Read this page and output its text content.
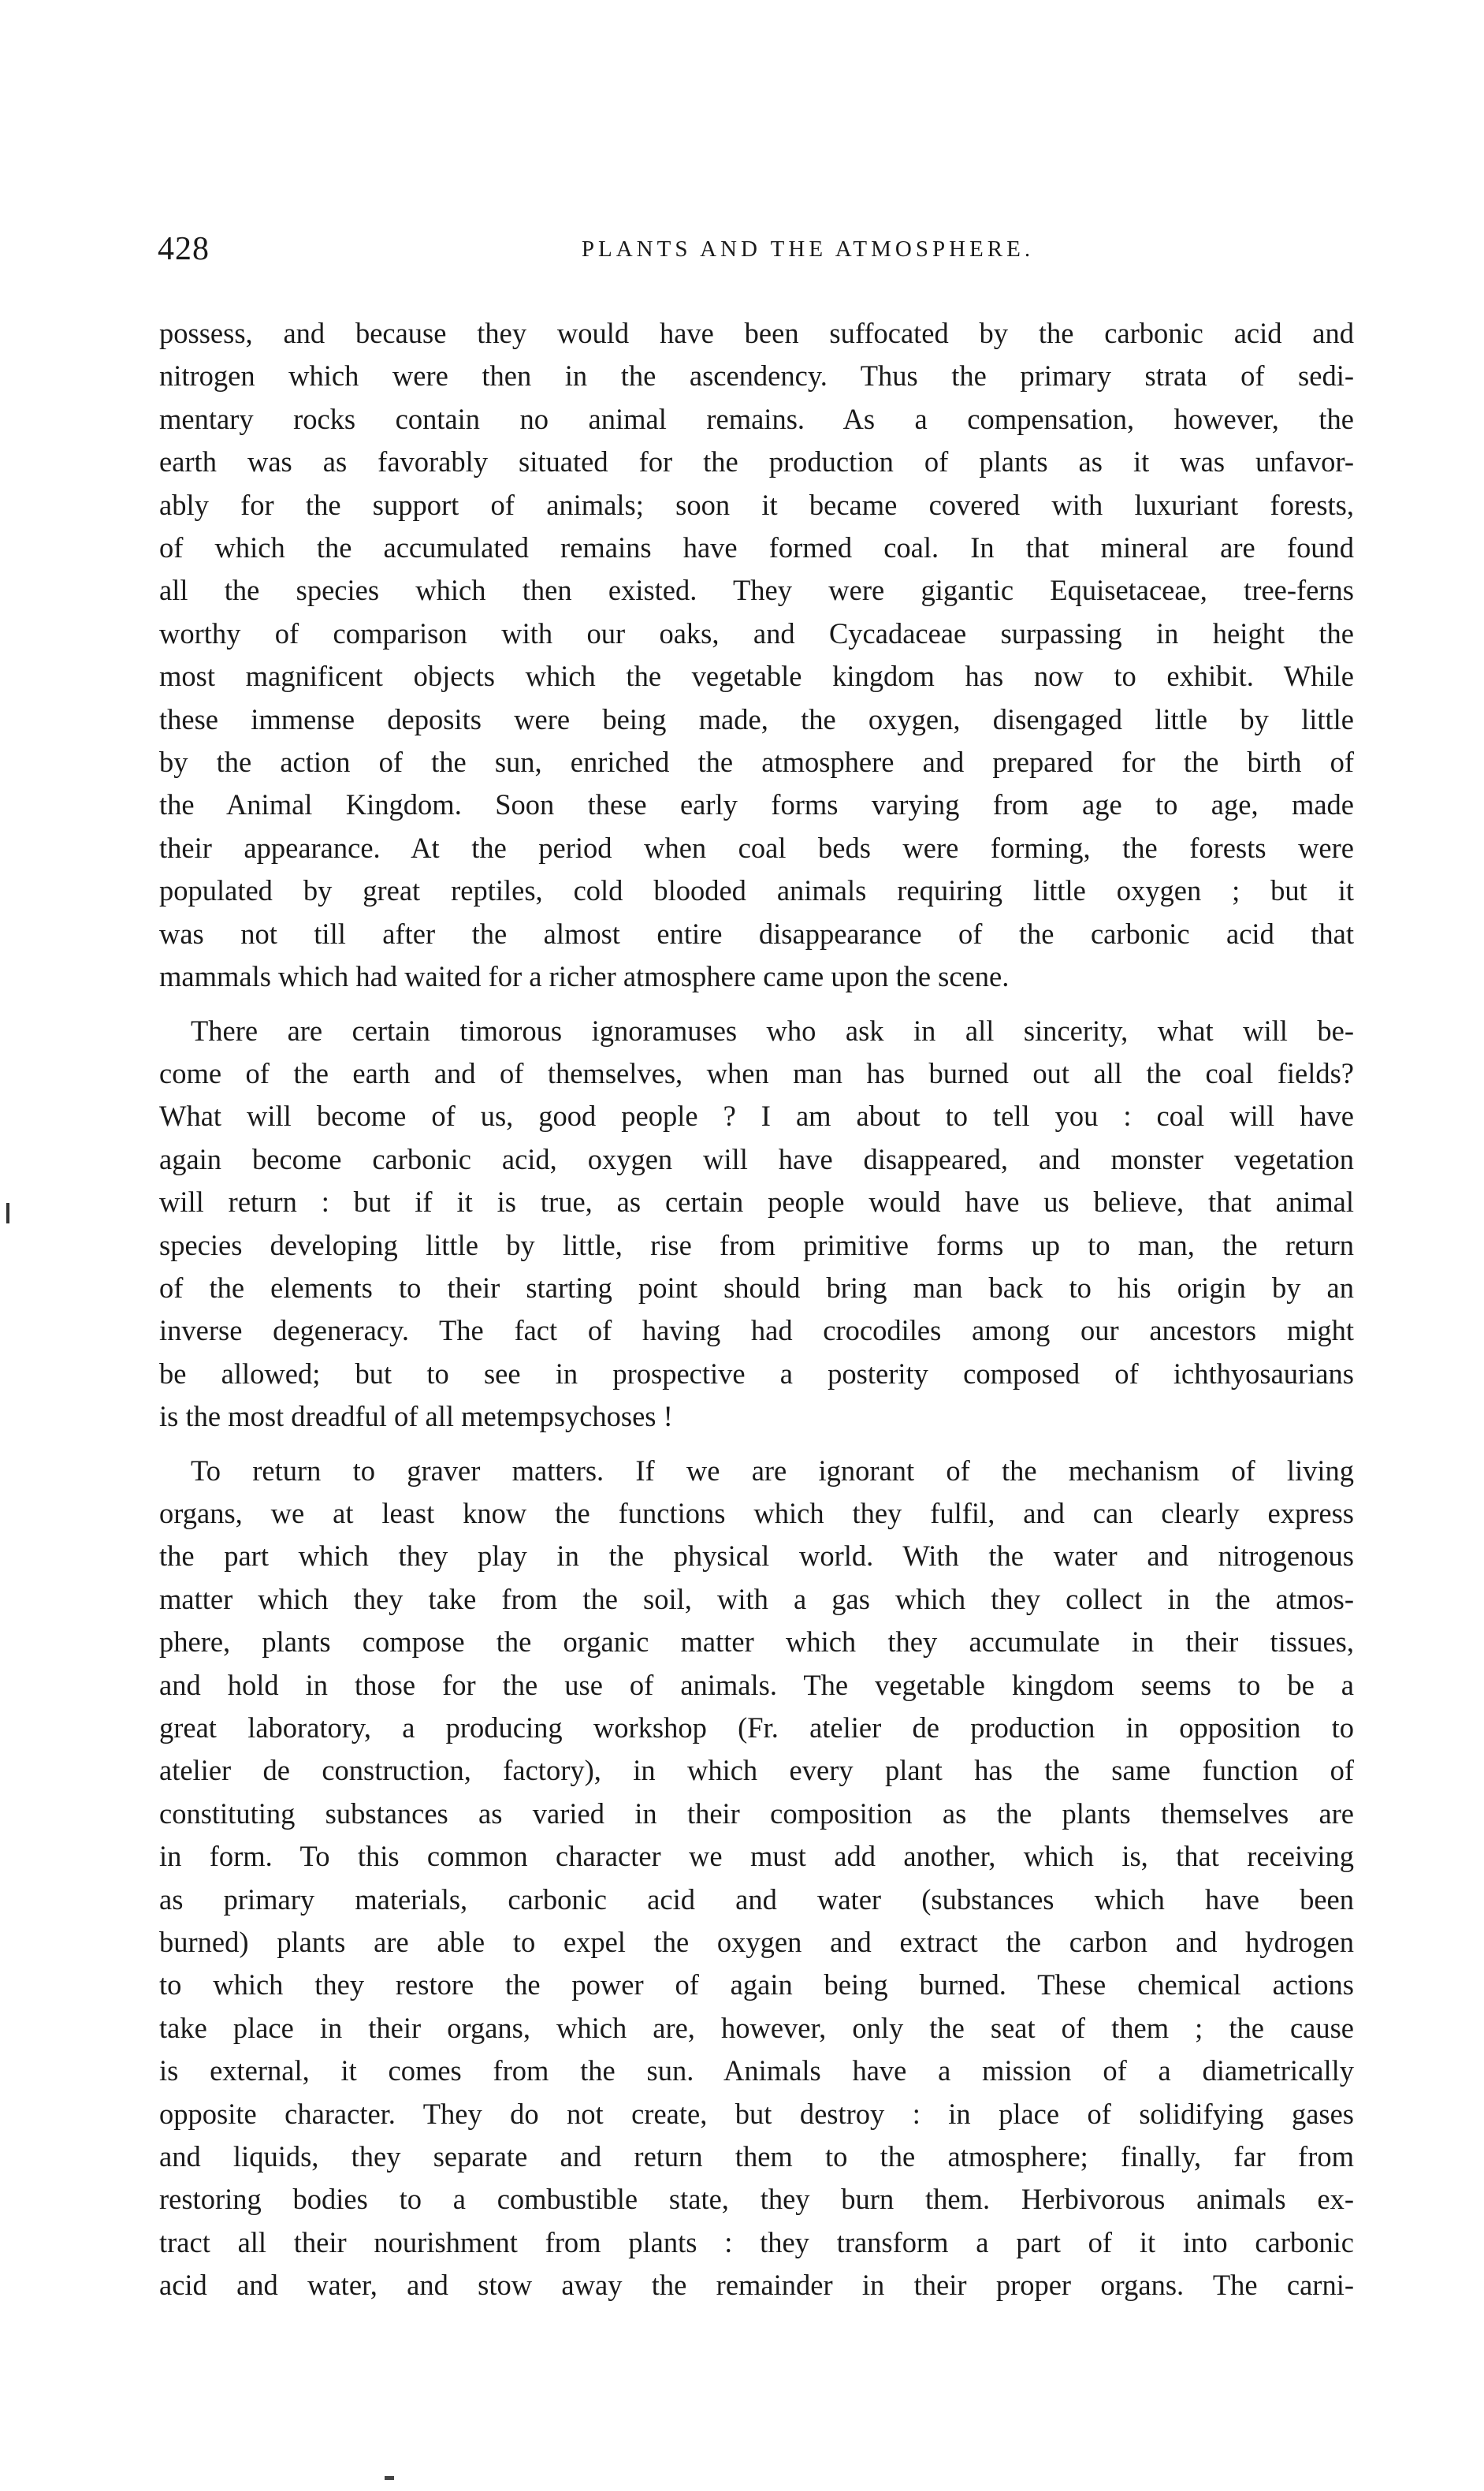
428	PLANTS AND THE ATMOSPHERE.
possess, and because they would have been suffocated by the carbonic acid and
nitrogen which were then in the ascendency. Thus the primary strata of sedi-
mentary rocks contain no animal remains. As a compensation, however, the
earth was as favorably situated for the production of plants as it was unfavor-
ably for the support of animals; soon it became covered with luxuriant forests,
of which the accumulated remains have formed coal. In that mineral are found
all the species which then existed. They were gigantic Equisetaceae, tree-ferns
worthy of comparison with our oaks, and Cycadaceae surpassing in height the
most magnificent objects which the vegetable kingdom has now to exhibit. While
these immense deposits were being made, the oxygen, disengaged little by little
by the action of the sun, enriched the atmosphere and prepared for the birth of
the Animal Kingdom. Soon these early forms varying from age to age, made
their appearance. At the period when coal beds were forming, the forests were
populated by great reptiles, cold blooded animals requiring little oxygen ; but it
was not till after the almost entire disappearance of the carbonic acid that
mammals which had waited for a richer atmosphere came upon the scene.
There are certain timorous ignoramuses who ask in all sincerity, what will be-
come of the earth and of themselves, when man has burned out all the coal fields?
What will become of us, good people ? I am about to tell you : coal will have
again become carbonic acid, oxygen will have disappeared, and monster vegetation
will return : but if it is true, as certain people would have us believe, that animal
species developing little by little, rise from primitive forms up to man, the return
of the elements to their starting point should bring man back to his origin by an
inverse degeneracy. The fact of having had crocodiles among our ancestors might
be allowed; but to see in prospective a posterity composed of ichthyosaurians
is the most dreadful of all metempsychoses !
To return to graver matters. If we are ignorant of the mechanism of living
organs, we at least know the functions which they fulfil, and can clearly express
the part which they play in the physical world. With the water and nitrogenous
matter which they take from the soil, with a gas which they collect in the atmos-
phere, plants compose the organic matter which they accumulate in their tissues,
and hold in those for the use of animals. The vegetable kingdom seems to be a
great laboratory, a producing workshop (Fr. atelier de production in opposition to
atelier de construction, factory), in which every plant has the same function of
constituting substances as varied in their composition as the plants themselves are
in form. To this common character we must add another, which is, that receiving
as primary materials, carbonic acid and water (substances which have been
burned) plants are able to expel the oxygen and extract the carbon and hydrogen
to which they restore the power of again being burned. These chemical actions
take place in their organs, which are, however, only the seat of them ; the cause
is external, it comes from the sun. Animals have a mission of a diametrically
opposite character. They do not create, but destroy : in place of solidifying gases
and liquids, they separate and return them to the atmosphere; finally, far from
restoring bodies to a combustible state, they burn them. Herbivorous animals ex-
tract all their nourishment from plants : they transform a part of it into carbonic
acid and water, and stow away the remainder in their proper organs. The carni-
